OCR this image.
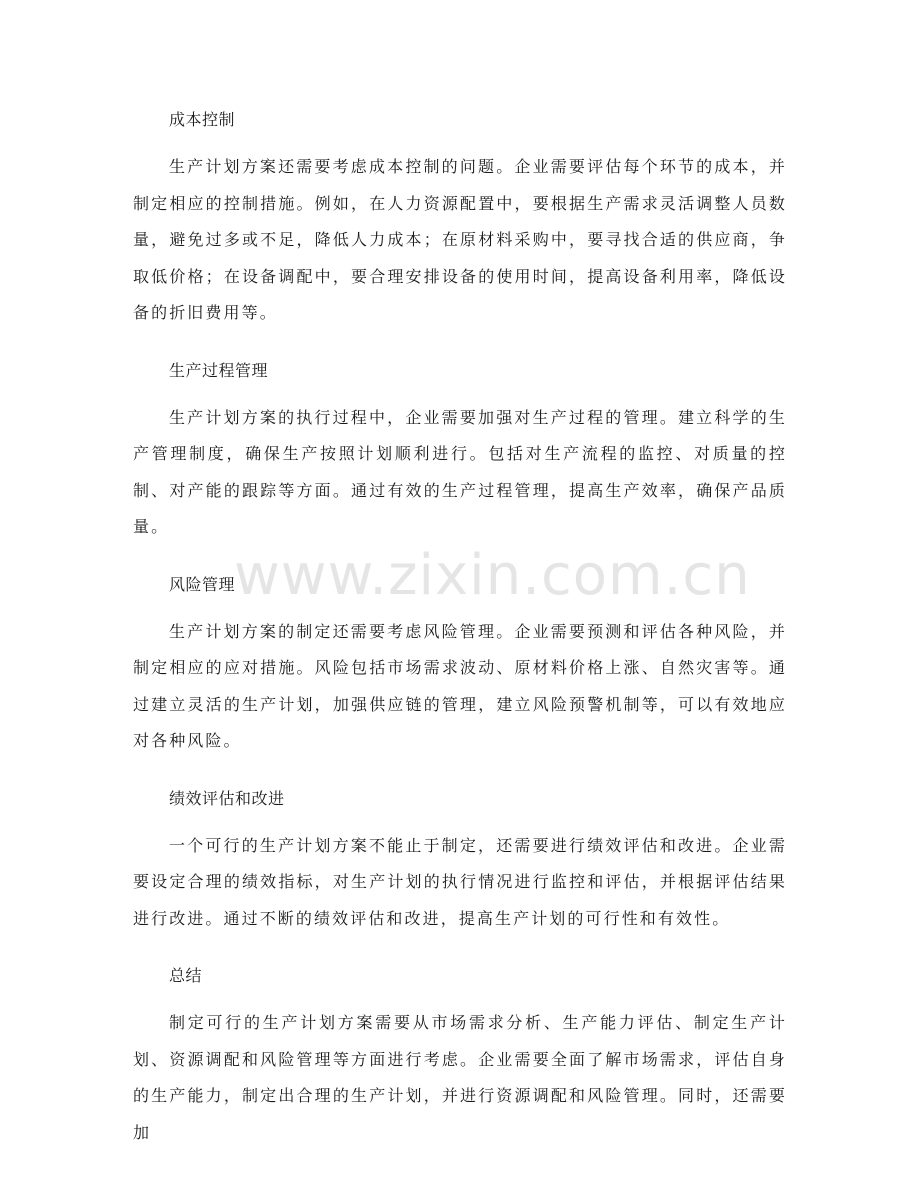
成本控制

生产计划方案还需要考虑成本控制的问题。企业需要评估每个环节的成本，并制定相应的控制措施。例如，在人力资源配置中，要根据生产需求灵活调整人员数量，避免过多或不足，降低人力成本；在原材料采购中，要寻找合适的供应商，争取低价格；在设备调配中，要合理安排设备的使用时间，提高设备利用率，降低设备的折旧费用等。

生产过程管理

生产计划方案的执行过程中，企业需要加强对生产过程的管理。建立科学的生产管理制度，确保生产按照计划顺利进行。包括对生产流程的监控、对质量的控制、对产能的跟踪等方面。通过有效的生产过程管理，提高生产效率，确保产品质量。

风险管理

生产计划方案的制定还需要考虑风险管理。企业需要预测和评估各种风险，并制定相应的应对措施。风险包括市场需求波动、原材料价格上涨、自然灾害等。通过建立灵活的生产计划，加强供应链的管理，建立风险预警机制等，可以有效地应对各种风险。

绩效评估和改进

一个可行的生产计划方案不能止于制定，还需要进行绩效评估和改进。企业需要设定合理的绩效指标，对生产计划的执行情况进行监控和评估，并根据评估结果进行改进。通过不断的绩效评估和改进，提高生产计划的可行性和有效性。

总结

制定可行的生产计划方案需要从市场需求分析、生产能力评估、制定生产计划、资源调配和风险管理等方面进行考虑。企业需要全面了解市场需求，评估自身的生产能力，制定出合理的生产计划，并进行资源调配和风险管理。同时，还需要加

www.zixin.com.cn
